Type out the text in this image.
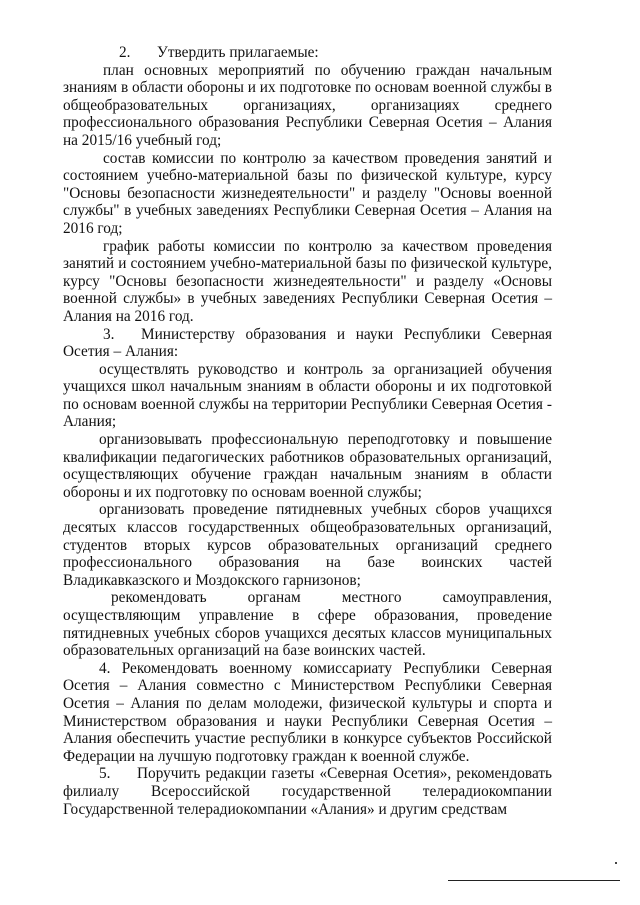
2. Утвердить прилагаемые:

план основных мероприятий по обучению граждан начальным знаниям в области обороны и их подготовке по основам военной службы в общеобразовательных организациях, организациях среднего профессионального образования Республики Северная Осетия – Алания на 2015/16 учебный год;

состав комиссии по контролю за качеством проведения занятий и состоянием учебно-материальной базы по физической культуре, курсу "Основы безопасности жизнедеятельности" и разделу "Основы военной службы" в учебных заведениях Республики Северная Осетия – Алания на 2016 год;

график работы комиссии по контролю за качеством проведения занятий и состоянием учебно-материальной базы по физической культуре, курсу "Основы безопасности жизнедеятельности" и разделу «Основы военной службы» в учебных заведениях Республики Северная Осетия – Алания на 2016 год.

3. Министерству образования и науки Республики Северная Осетия – Алания:

осуществлять руководство и контроль за организацией обучения учащихся школ начальным знаниям в области обороны и их подготовкой по основам военной службы на территории Республики Северная Осетия - Алания;

организовывать профессиональную переподготовку и повышение квалификации педагогических работников образовательных организаций, осуществляющих обучение граждан начальным знаниям в области обороны и их подготовку по основам военной службы;

организовать проведение пятидневных учебных сборов учащихся десятых классов государственных общеобразовательных организаций, студентов вторых курсов образовательных организаций среднего профессионального образования на базе воинских частей Владикавказского и Моздокского гарнизонов;

рекомендовать органам местного самоуправления, осуществляющим управление в сфере образования, проведение пятидневных учебных сборов учащихся десятых классов муниципальных образовательных организаций на базе воинских частей.

4. Рекомендовать военному комиссариату Республики Северная Осетия – Алания совместно с Министерством Республики Северная Осетия – Алания по делам молодежи, физической культуры и спорта и Министерством образования и науки Республики Северная Осетия – Алания обеспечить участие республики в конкурсе субъектов Российской Федерации на лучшую подготовку граждан к военной службе.

5. Поручить редакции газеты «Северная Осетия», рекомендовать филиалу Всероссийской государственной телерадиокомпании Государственной телерадиокомпании «Алания» и другим средствам
